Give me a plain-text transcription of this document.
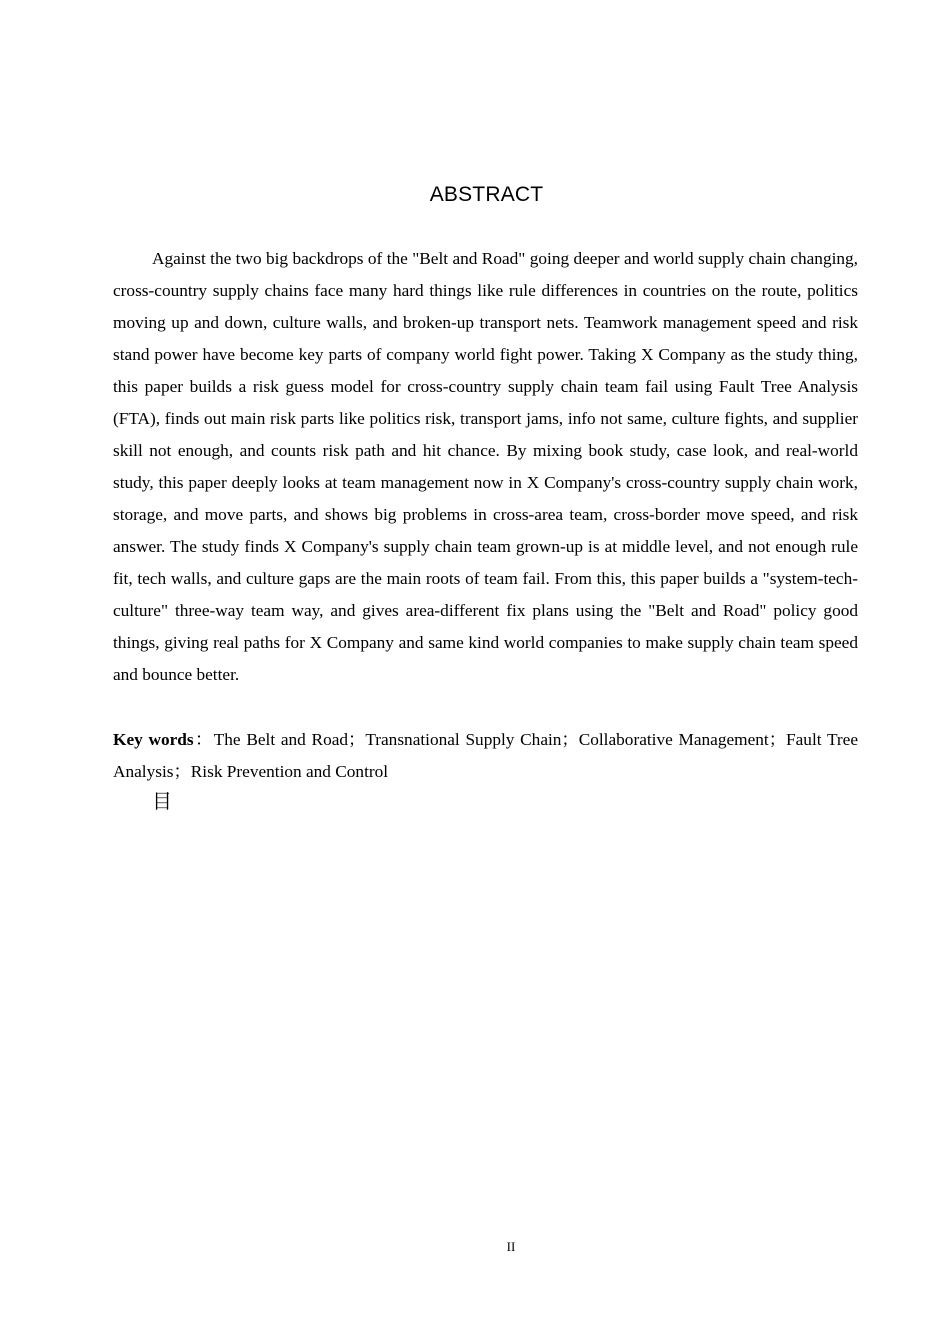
ABSTRACT

Against the two big backdrops of the "Belt and Road" going deeper and world supply chain changing, cross-country supply chains face many hard things like rule differences in countries on the route, politics moving up and down, culture walls, and broken-up transport nets. Teamwork management speed and risk stand power have become key parts of company world fight power. Taking X Company as the study thing, this paper builds a risk guess model for cross-country supply chain team fail using Fault Tree Analysis (FTA), finds out main risk parts like politics risk, transport jams, info not same, culture fights, and supplier skill not enough, and counts risk path and hit chance. By mixing book study, case look, and real-world study, this paper deeply looks at team management now in X Company's cross-country supply chain work, storage, and move parts, and shows big problems in cross-area team, cross-border move speed, and risk answer. The study finds X Company's supply chain team grown-up is at middle level, and not enough rule fit, tech walls, and culture gaps are the main roots of team fail. From this, this paper builds a "system-tech-culture" three-way team way, and gives area-different fix plans using the "Belt and Road" policy good things, giving real paths for X Company and same kind world companies to make supply chain team speed and bounce better.

Key words：The Belt and Road；Transnational Supply Chain；Collaborative Management；Fault Tree Analysis；Risk Prevention and Control

目
II
